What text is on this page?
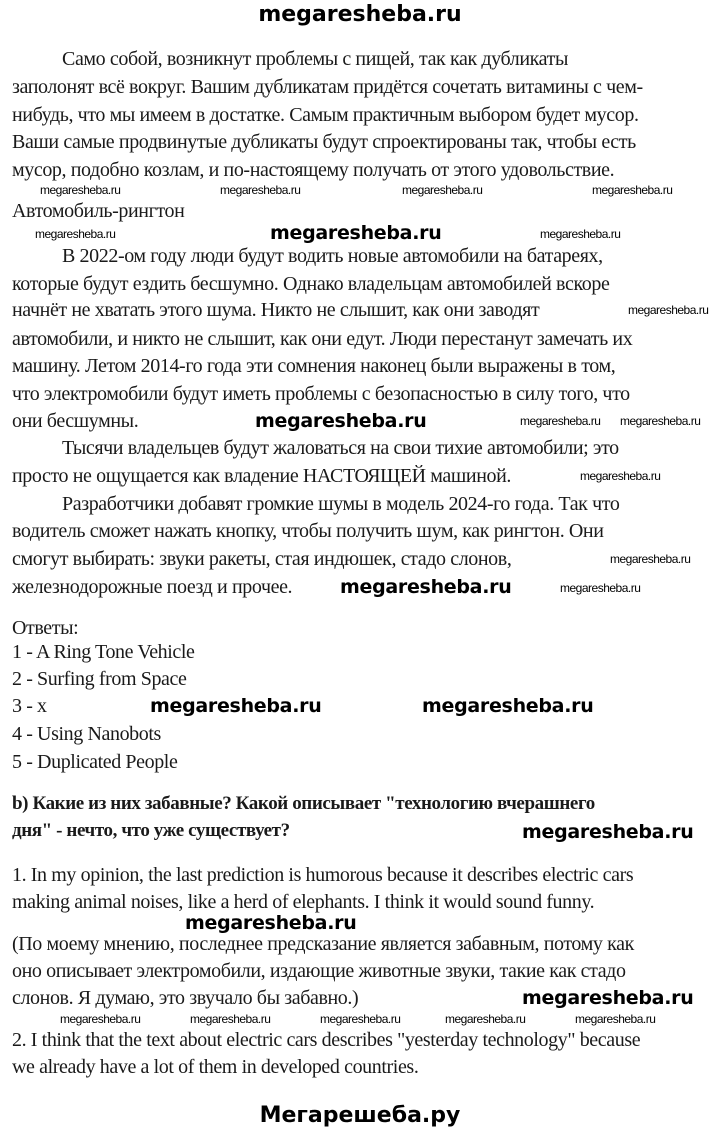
megaresheba.ru
Само собой, возникнут проблемы с пищей, так как дубликаты
заполонят всё вокруг. Вашим дубликатам придётся сочетать витамины с чем-
нибудь, что мы имеем в достатке. Самым практичным выбором будет мусор.
Ваши самые продвинутые дубликаты будут спроектированы так, чтобы есть
мусор, подобно козлам, и по-настоящему получать от этого удовольствие.
Автомобиль-рингтон
В 2022-ом году люди будут водить новые автомобили на батареях,
которые будут ездить бесшумно. Однако владельцам автомобилей вскоре
начнёт не хватать этого шума. Никто не слышит, как они заводят
автомобили, и никто не слышит, как они едут. Люди перестанут замечать их
машину. Летом 2014-го года эти сомнения наконец были выражены в том,
что электромобили будут иметь проблемы с безопасностью в силу того, что
они бесшумны.
Тысячи владельцев будут жаловаться на свои тихие автомобили; это
просто не ощущается как владение НАСТОЯЩЕЙ машиной.
Разработчики добавят громкие шумы в модель 2024-го года. Так что
водитель сможет нажать кнопку, чтобы получить шум, как рингтон. Они
смогут выбирать: звуки ракеты, стая индюшек, стадо слонов,
железнодорожные поезд и прочее.
Ответы:
1 - A Ring Tone Vehicle
2 - Surfing from Space
3 - x
4 - Using Nanobots
5 - Duplicated People
b) Какие из них забавные? Какой описывает "технологию вчерашнего
дня" - нечто, что уже существует?
1. In my opinion, the last prediction is humorous because it describes electric cars
making animal noises, like a herd of elephants. I think it would sound funny.
(По моему мнению, последнее предсказание является забавным, потому как
оно описывает электромобили, издающие животные звуки, такие как стадо
слонов. Я думаю, это звучало бы забавно.)
2. I think that the text about electric cars describes "yesterday technology" because
we already have a lot of them in developed countries.
megaresheba.ru	megaresheba.ru	megaresheba.ru	megaresheba.ru
megaresheba.ru	megaresheba.ru	megaresheba.ru
megaresheba.ru
megaresheba.ru
megaresheba.ru
megaresheba.ru
megaresheba.ru
megaresheba.ru
megaresheba.ru
megaresheba.ru
megaresheba.ru	megaresheba.ru
megaresheba.ru
megaresheba.ru
megaresheba.ru
megaresheba.ru	megaresheba.ru	megaresheba.ru	megaresheba.ru	megaresheba.ru
Мегарешеба.ру
